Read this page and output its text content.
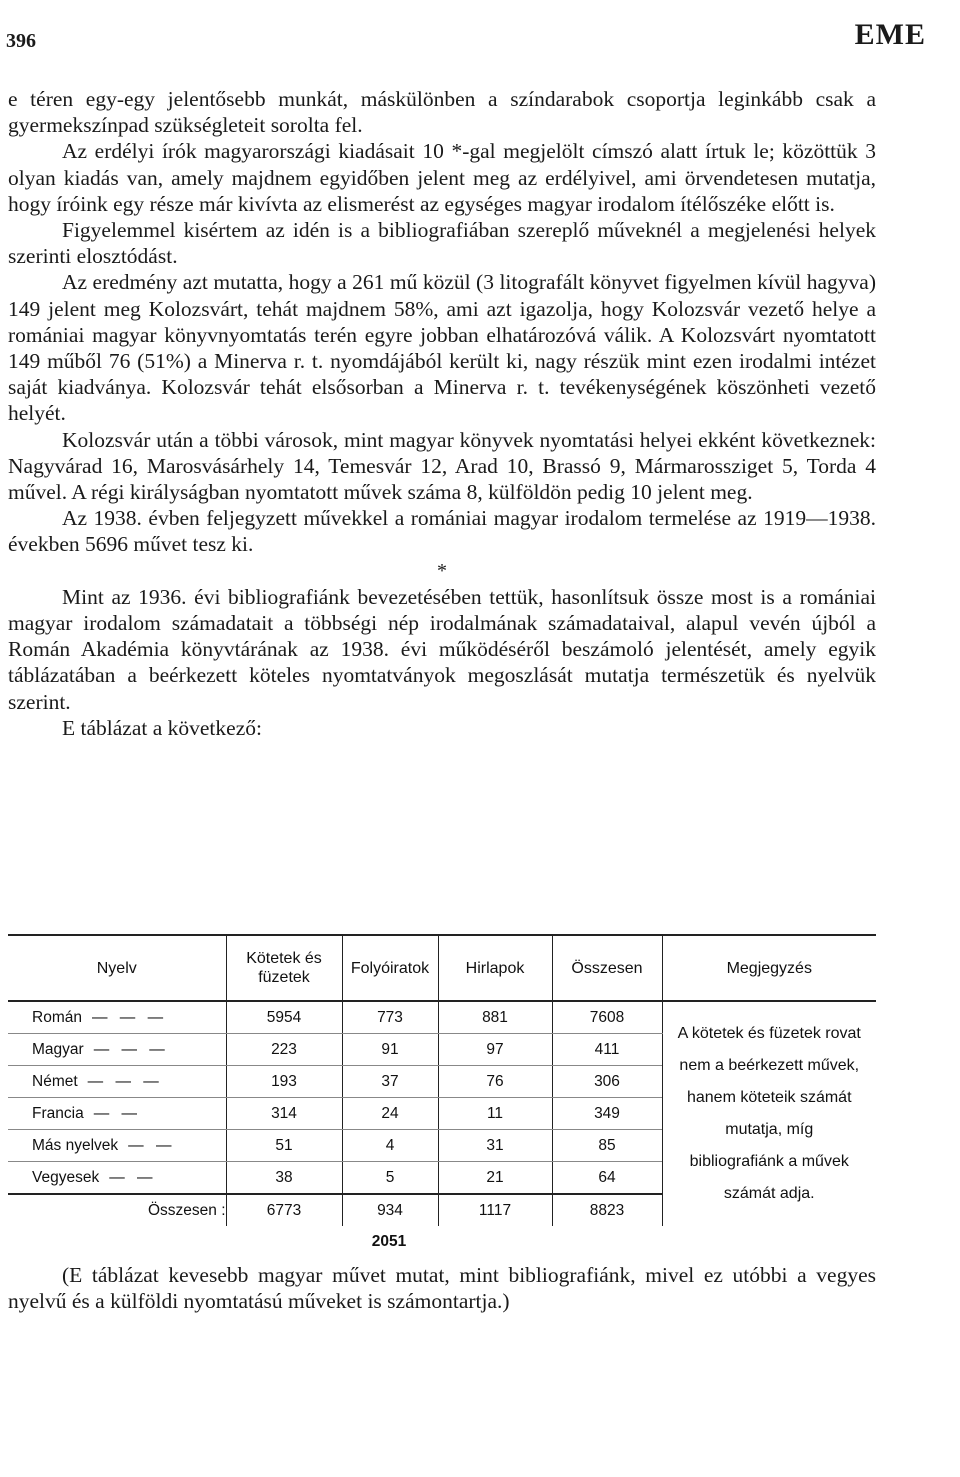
396	EME

e téren egy-egy jelentősebb munkát, máskülönben a színdarabok csoportja leginkább csak a gyermekszínpad szükségleteit sorolta fel.

Az erdélyi írók magyarországi kiadásait 10 *-gal megjelölt címszó alatt írtuk le; közöttük 3 olyan kiadás van, amely majdnem egyidőben jelent meg az erdélyivel, ami örvendetesen mutatja, hogy íróink egy része már kivívta az elismerést az egységes magyar irodalom ítélőszéke előtt is.

Figyelemmel kisértem az idén is a bibliografiában szereplő műveknél a megjelenési helyek szerinti elosztódást.

Az eredmény azt mutatta, hogy a 261 mű közül (3 litografált könyvet figyelmen kívül hagyva) 149 jelent meg Kolozsvárt, tehát majdnem 58%, ami azt igazolja, hogy Kolozsvár vezető helye a romániai magyar könyvnyomtatás terén egyre jobban elhatározóvá válik. A Kolozsvárt nyomtatott 149 műből 76 (51%) a Minerva r. t. nyomdájából került ki, nagy részük mint ezen irodalmi intézet saját kiadványa. Kolozsvár tehát elsősorban a Minerva r. t. tevékenységének köszönheti vezető helyét.

Kolozsvár után a többi városok, mint magyar könyvek nyomtatási helyei ekként következnek: Nagyvárad 16, Marosvásárhely 14, Temesvár 12, Arad 10, Brassó 9, Mármarossziget 5, Torda 4 művel. A régi királyságban nyomtatott művek száma 8, külföldön pedig 10 jelent meg.

Az 1938. évben feljegyzett művekkel a romániai magyar irodalom termelése az 1919—1938. években 5696 művet tesz ki.

*

Mint az 1936. évi bibliografiánk bevezetésében tettük, hasonlítsuk össze most is a romániai magyar irodalom számadatait a többségi nép irodalmának számadataival, alapul vevén újból a Román Akadémia könyvtárának az 1938. évi működéséről beszámoló jelentését, amely egyik táblázatában a beérkezett köteles nyomtatványok megoszlását mutatja természetük és nyelvük szerint.

E táblázat a következő:

Nyelv	Kötetek és füzetek	Folyóiratok	Hirlapok	Összesen	Megjegyzés
Román — — —	5954	773	881	7608	A kötetek és füzetek rovat nem a beérkezett művek, hanem köteteik számát mutatja, míg bibliografiánk a művek számát adja.
Magyar — — —	223	91	97	411	
Német — — —	193	37	76	306	
Francia — —	314	24	11	349	
Más nyelvek — —	51	4	31	85	
Vegyesek — —	38	5	21	64	
Összesen :	6773	934	1117	8823	
	2051				

(E táblázat kevesebb magyar művet mutat, mint bibliografiánk, mivel ez utóbbi a vegyes nyelvű és a külföldi nyomtatású műveket is számontartja.)
